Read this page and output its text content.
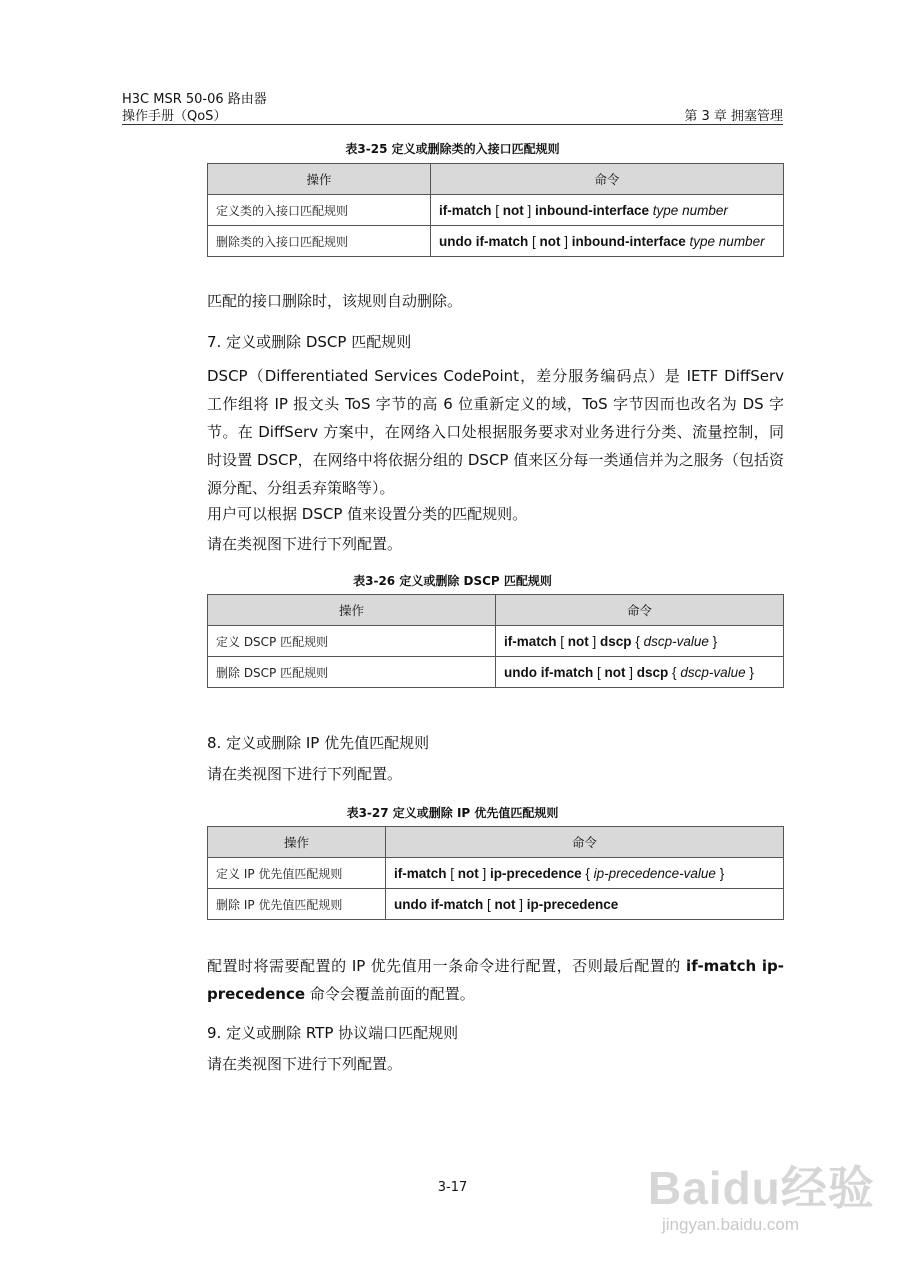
H3C MSR 50-06 路由器
操作手册（QoS）	第 3 章 拥塞管理
表3-25 定义或删除类的入接口匹配规则
操作	命令
定义类的入接口匹配规则	if-match [ not ] inbound-interface type number
删除类的入接口匹配规则	undo if-match [ not ] inbound-interface type number
匹配的接口删除时，该规则自动删除。
7. 定义或删除 DSCP 匹配规则
DSCP（Differentiated Services CodePoint，差分服务编码点）是 IETF DiffServ 工作组将 IP 报文头 ToS 字节的高 6 位重新定义的域，ToS 字节因而也改名为 DS 字节。在 DiffServ 方案中，在网络入口处根据服务要求对业务进行分类、流量控制，同时设置 DSCP，在网络中将依据分组的 DSCP 值来区分每一类通信并为之服务（包括资源分配、分组丢弃策略等）。
用户可以根据 DSCP 值来设置分类的匹配规则。
请在类视图下进行下列配置。
表3-26 定义或删除 DSCP 匹配规则
操作	命令
定义 DSCP 匹配规则	if-match [ not ] dscp { dscp-value }
删除 DSCP 匹配规则	undo if-match [ not ] dscp { dscp-value }
8. 定义或删除 IP 优先值匹配规则
请在类视图下进行下列配置。
表3-27 定义或删除 IP 优先值匹配规则
操作	命令
定义 IP 优先值匹配规则	if-match [ not ] ip-precedence { ip-precedence-value }
删除 IP 优先值匹配规则	undo if-match [ not ] ip-precedence
配置时将需要配置的 IP 优先值用一条命令进行配置，否则最后配置的 if-match ip-precedence 命令会覆盖前面的配置。
9. 定义或删除 RTP 协议端口匹配规则
请在类视图下进行下列配置。
3-17	Baidu经验
jingyan.baidu.com
